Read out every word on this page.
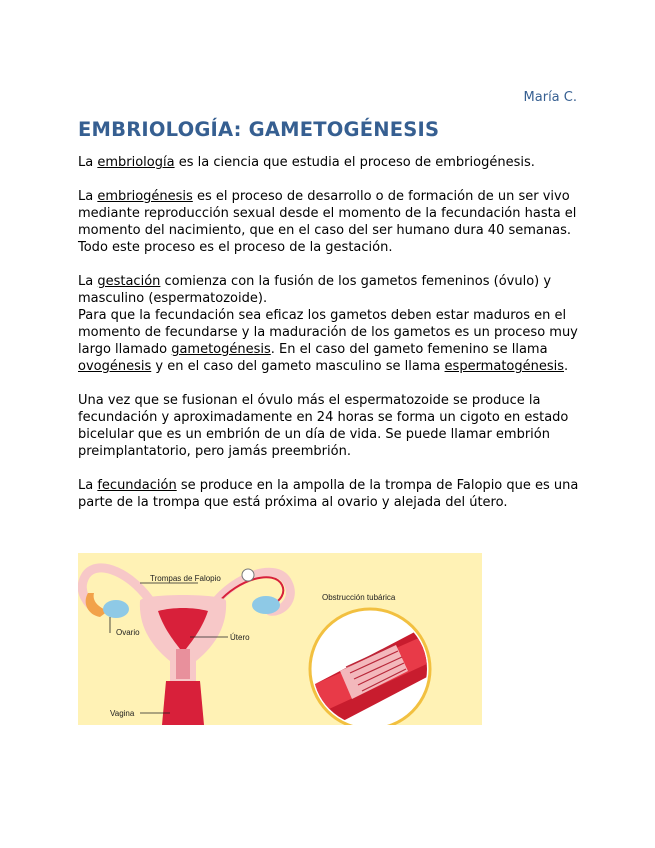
María C.
EMBRIOLOGÍA: GAMETOGÉNESIS

La embriología es la ciencia que estudia el proceso de embriogénesis.

La embriogénesis es el proceso de desarrollo o de formación de un ser vivo mediante reproducción sexual desde el momento de la fecundación hasta el momento del nacimiento, que en el caso del ser humano dura 40 semanas. Todo este proceso es el proceso de la gestación.

La gestación comienza con la fusión de los gametos femeninos (óvulo) y masculino (espermatozoide).

Para que la fecundación sea eficaz los gametos deben estar maduros en el momento de fecundarse y la maduración de los gametos es un proceso muy largo llamado gametogénesis. En el caso del gameto femenino se llama ovogénesis y en el caso del gameto masculino se llama espermatogénesis.

Una vez que se fusionan el óvulo más el espermatozoide se produce la fecundación y aproximadamente en 24 horas se forma un cigoto en estado bicelular que es un embrión de un día de vida. Se puede llamar embrión preimplantatorio, pero jamás preembrión.

La fecundación se produce en la ampolla de la trompa de Falopio que es una parte de la trompa que está próxima al ovario y alejada del útero.

Trompas de Falopio
Ovario
Útero
Vagina
Obstrucción tubárica
